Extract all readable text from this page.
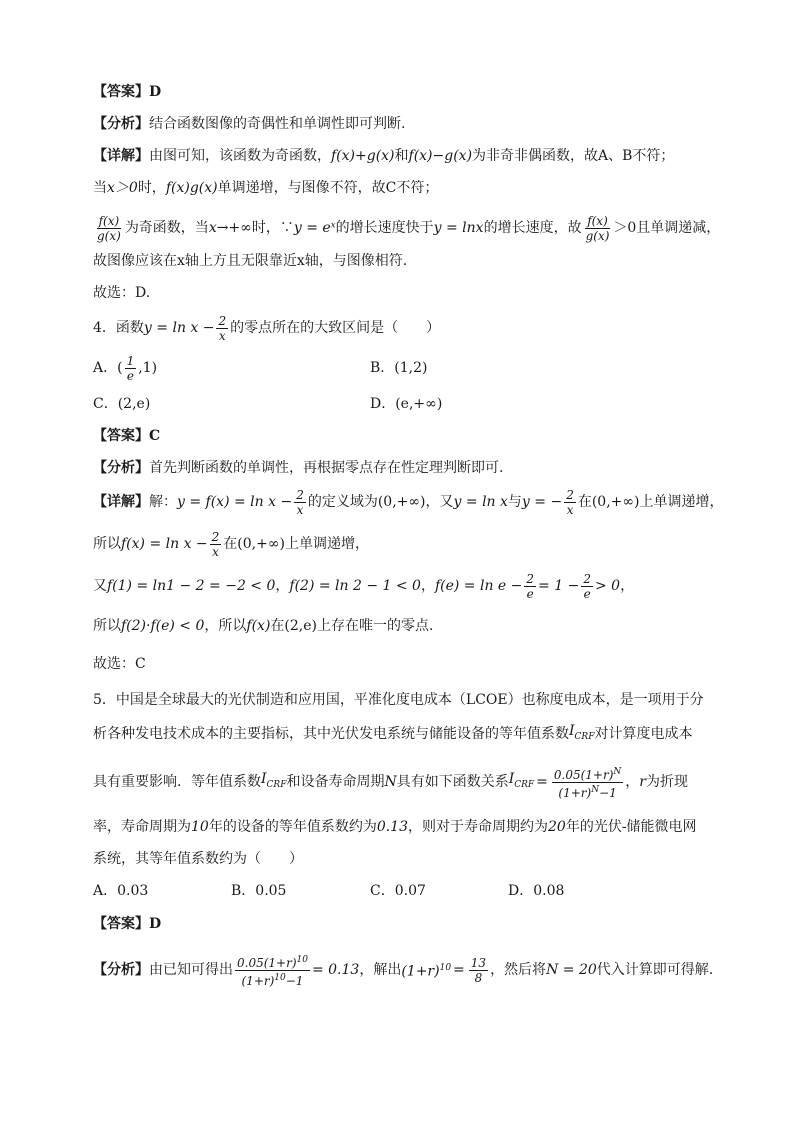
【答案】D
【分析】 结合函数图像的奇偶性和单调性即可判断.
【详解】 由图可知，该函数为奇函数， f(x)+g(x) 和 f(x)−g(x) 为非奇非偶函数，故A、B不符；
当 x＞0 时， f(x)g(x) 单调递增，与图像不符，故C不符；
$\frac{f(x)}{g(x)}$ 为奇函数，当 x→+∞ 时，∵ y = eˣ 的增长速度快于 y = lnx 的增长速度，故 $\frac{f(x)}{g(x)} >0$且单调递减，
故图像应该在x轴上方且无限靠近x轴，与图像相符.
故选：D.
4．函数 $y = \ln x - \frac{2}{x}$ 的零点所在的大致区间是（　　）
A． ( $\frac{1}{e} ,1$)	B．(1,2)
C．(2,e)	D．(e,+∞)
【答案】C
【分析】 首先判断函数的单调性，再根据零点存在性定理判断即可.
【详解】 解： $y = f(x) = \ln x - \frac{2}{x}$ 的定义域为(0,+∞)，又 y = ln x 与 y = − $\frac{2}{x}$ 在(0,+∞)上单调递增，
所以 $f(x) = \ln x - \frac{2}{x}$ 在(0,+∞)上单调递增，
又 f(1) = ln1 − 2 = −2 < 0 ， f(2) = ln 2 − 1 < 0 ， $f(e) = \ln e - \frac{2}{e} = 1 - \frac{2}{e} > 0$ ，
所以 f(2)·f(e) < 0 ，所以 f(x) 在(2,e)上存在唯一的零点.
故选：C
5．中国是全球最大的光伏制造和应用国，平准化度电成本（LCOE）也称度电成本，是一项用于分
析各种发电技术成本的主要指标，其中光伏发电系统与储能设备的等年值系数 $I_{CRF}$ 对计算度电成本
具有重要影响．等年值系数 $I_{CRF}$ 和设备寿命周期 N 具有如下函数关系 $I_{CRF} = \frac{0.05(1+r)^N}{(1+r)^N-1}$ ， r 为折现
率，寿命周期为 10 年的设备的等年值系数约为 0.13 ，则对于寿命周期约为 20 年的光伏-储能微电网
系统，其等年值系数约为（　　）
A．0.03	B．0.05	C．0.07	D．0.08
【答案】D
【分析】 由已知可得出 $\frac{0.05(1+r)^{10}}{(1+r)^{10}-1} = 0.13$ ，解出 $(1+r)^{10} = \frac{13}{8}$ ，然后将 N = 20 代入计算即可得解.
